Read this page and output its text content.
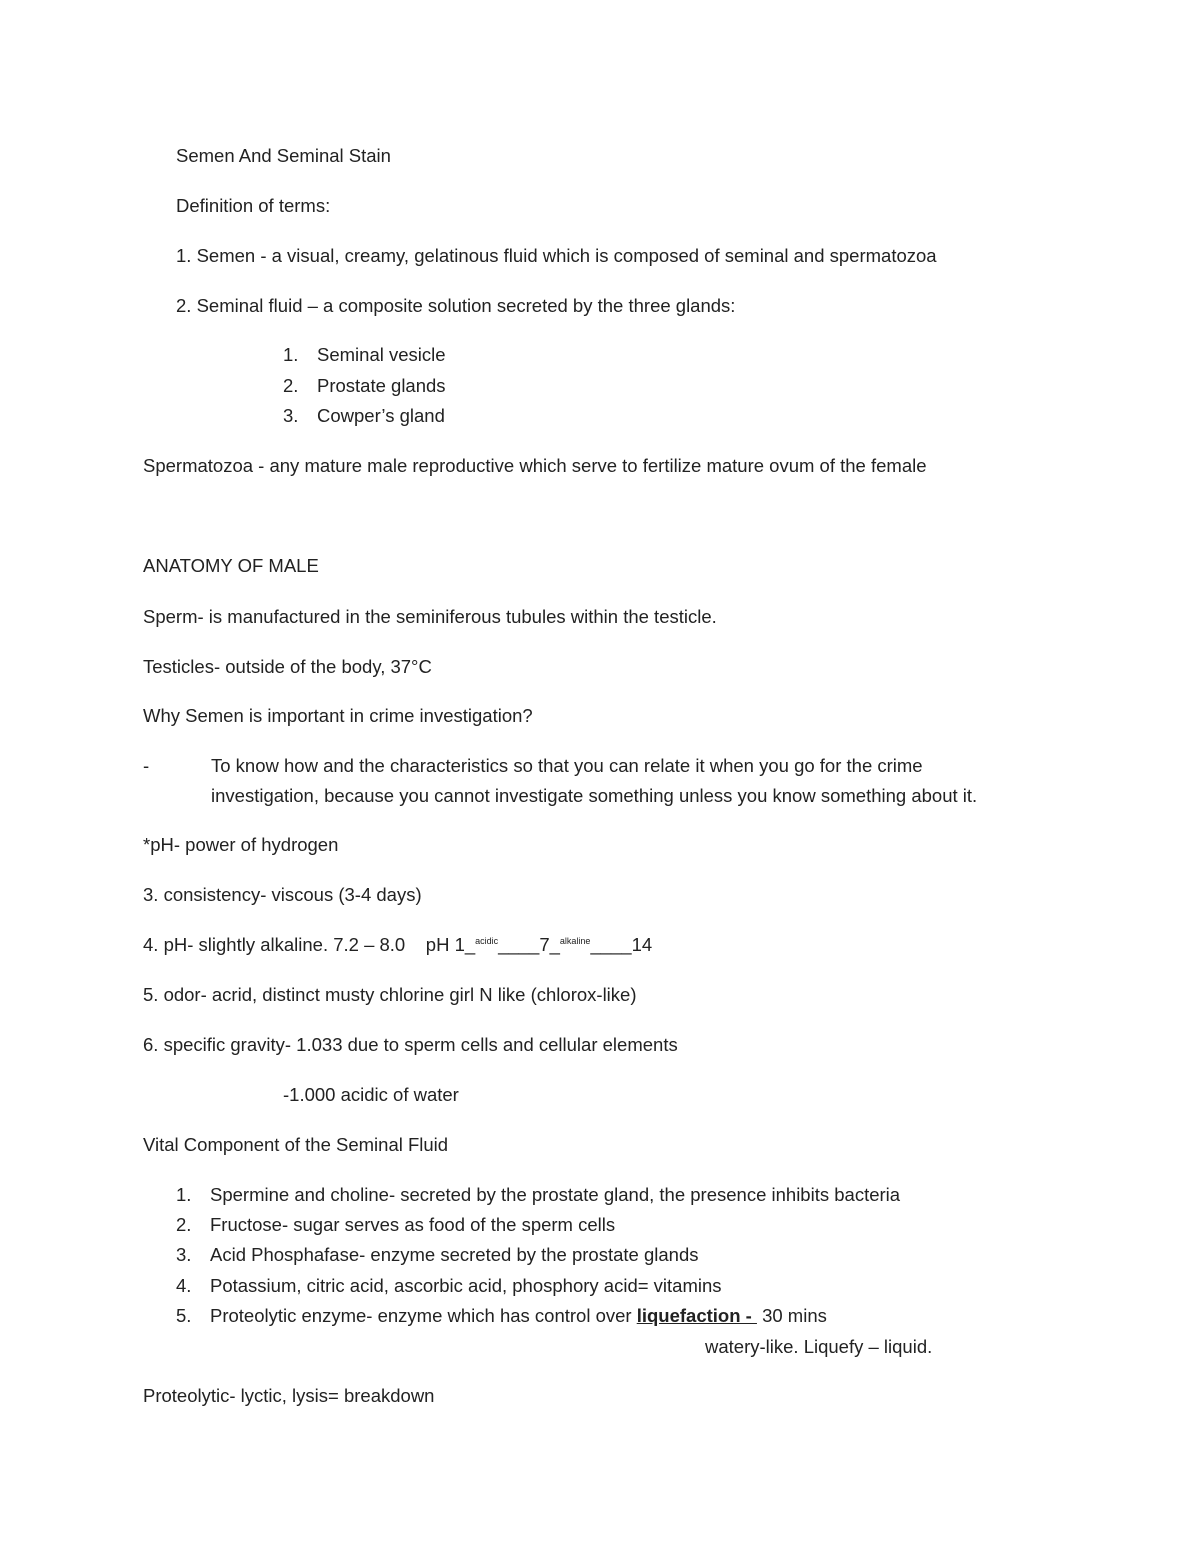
Semen And Seminal Stain
Definition of terms:
1. Semen - a visual, creamy, gelatinous fluid which is composed of seminal and spermatozoa
2. Seminal fluid – a composite solution secreted by the three glands:
1. Seminal vesicle
2. Prostate glands
3. Cowper’s gland
Spermatozoa - any mature male reproductive which serve to fertilize mature ovum of the female
ANATOMY OF MALE
Sperm- is manufactured in the seminiferous tubules within the testicle.
Testicles- outside of the body, 37°C
Why Semen is important in crime investigation?
-	To know how and the characteristics so that you can relate it when you go for the crime
investigation, because you cannot investigate something unless you know something about it.
*pH- power of hydrogen
3. consistency- viscous (3-4 days)
4. pH- slightly alkaline. 7.2 – 8.0    pH 1_$^{acidic}$____7_$^{alkaline}$____14
5. odor- acrid, distinct musty chlorine girl N like (chlorox-like)
6. specific gravity- 1.033 due to sperm cells and cellular elements
-1.000 acidic of water
Vital Component of the Seminal Fluid
1. Spermine and choline- secreted by the prostate gland, the presence inhibits bacteria
2. Fructose- sugar serves as food of the sperm cells
3. Acid Phosphafase- enzyme secreted by the prostate glands
4. Potassium, citric acid, ascorbic acid, phosphory acid= vitamins
5. Proteolytic enzyme- enzyme which has control over liquefaction -  30 mins
watery-like. Liquefy – liquid.
Proteolytic- lyctic, lysis= breakdown
